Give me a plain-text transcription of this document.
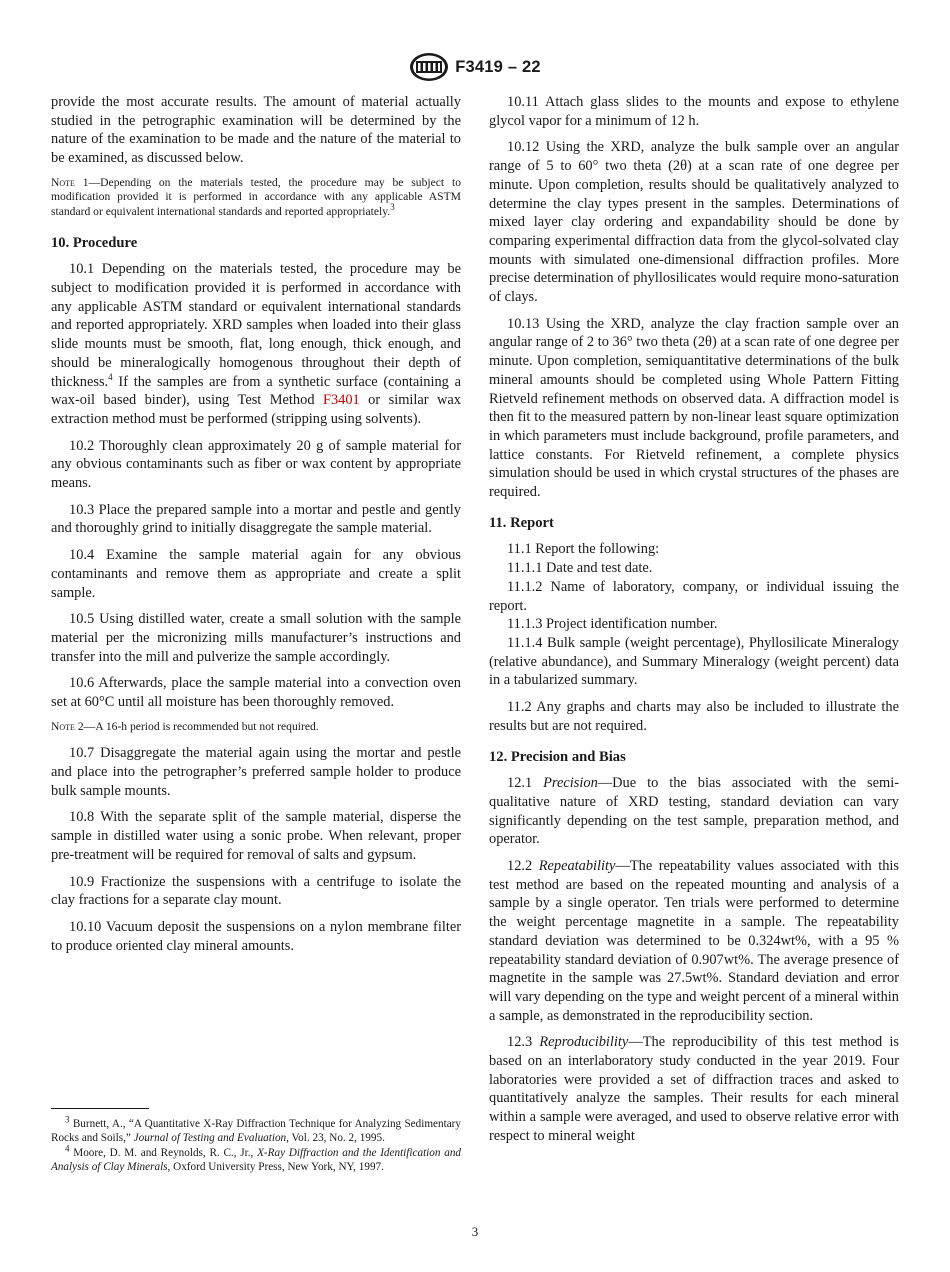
F3419 – 22

provide the most accurate results. The amount of material actually studied in the petrographic examination will be determined by the nature of the examination to be made and the nature of the material to be examined, as discussed below.

Note 1—Depending on the materials tested, the procedure may be subject to modification provided it is performed in accordance with any applicable ASTM standard or equivalent international standards and reported appropriately.$^3$

10. Procedure

10.1 Depending on the materials tested, the procedure may be subject to modification provided it is performed in accordance with any applicable ASTM standard or equivalent international standards and reported appropriately. XRD samples when loaded into their glass slide mounts must be smooth, flat, long enough, thick enough, and should be mineralogically homogenous throughout their depth of thickness.$^4$ If the samples are from a synthetic surface (containing a wax-oil based binder), using Test Method F3401 or similar wax extraction method must be performed (stripping using solvents).

10.2 Thoroughly clean approximately 20 g of sample material for any obvious contaminants such as fiber or wax content by appropriate means.

10.3 Place the prepared sample into a mortar and pestle and gently and thoroughly grind to initially disaggregate the sample material.

10.4 Examine the sample material again for any obvious contaminants and remove them as appropriate and create a split sample.

10.5 Using distilled water, create a small solution with the sample material per the micronizing mills manufacturer’s instructions and transfer into the mill and pulverize the sample accordingly.

10.6 Afterwards, place the sample material into a convection oven set at 60°C until all moisture has been thoroughly removed.

Note 2—A 16-h period is recommended but not required.

10.7 Disaggregate the material again using the mortar and pestle and place into the petrographer’s preferred sample holder to produce bulk sample mounts.

10.8 With the separate split of the sample material, disperse the sample in distilled water using a sonic probe. When relevant, proper pre-treatment will be required for removal of salts and gypsum.

10.9 Fractionize the suspensions with a centrifuge to isolate the clay fractions for a separate clay mount.

10.10 Vacuum deposit the suspensions on a nylon membrane filter to produce oriented clay mineral amounts.

$^3$ Burnett, A., “A Quantitative X-Ray Diffraction Technique for Analyzing Sedimentary Rocks and Soils,” Journal of Testing and Evaluation, Vol. 23, No. 2, 1995.

$^4$ Moore, D. M. and Reynolds, R. C., Jr., X-Ray Diffraction and the Identification and Analysis of Clay Minerals, Oxford University Press, New York, NY, 1997.

10.11 Attach glass slides to the mounts and expose to ethylene glycol vapor for a minimum of 12 h.

10.12 Using the XRD, analyze the bulk sample over an angular range of 5 to 60° two theta (2θ) at a scan rate of one degree per minute. Upon completion, results should be qualitatively analyzed to determine the clay types present in the samples. Determinations of mixed layer clay ordering and expandability should be done by comparing experimental diffraction data from the glycol-solvated clay mounts with simulated one-dimensional diffraction profiles. More precise determination of phyllosilicates would require mono-saturation of clays.

10.13 Using the XRD, analyze the clay fraction sample over an angular range of 2 to 36° two theta (2θ) at a scan rate of one degree per minute. Upon completion, semiquantitative determinations of the bulk mineral amounts should be completed using Whole Pattern Fitting Rietveld refinement methods on observed data. A diffraction model is then fit to the measured pattern by non-linear least square optimization in which parameters must include background, profile parameters, and lattice constants. For Rietveld refinement, a complete physics simulation should be used in which crystal structures of the phases are required.

11. Report

11.1 Report the following:

11.1.1 Date and test date.

11.1.2 Name of laboratory, company, or individual issuing the report.

11.1.3 Project identification number.

11.1.4 Bulk sample (weight percentage), Phyllosilicate Mineralogy (relative abundance), and Summary Mineralogy (weight percent) data in a tabularized summary.

11.2 Any graphs and charts may also be included to illustrate the results but are not required.

12. Precision and Bias

12.1 Precision—Due to the bias associated with the semi-qualitative nature of XRD testing, standard deviation can vary significantly depending on the test sample, preparation method, and operator.

12.2 Repeatability—The repeatability values associated with this test method are based on the repeated mounting and analysis of a sample by a single operator. Ten trials were performed to determine the weight percentage magnetite in a sample. The repeatability standard deviation was determined to be 0.324wt%, with a 95 % repeatability standard deviation of 0.907wt%. The average presence of magnetite in the sample was 27.5wt%. Standard deviation and error will vary depending on the type and weight percent of a mineral within a sample, as demonstrated in the reproducibility section.

12.3 Reproducibility—The reproducibility of this test method is based on an interlaboratory study conducted in the year 2019. Four laboratories were provided a set of diffraction traces and asked to quantitatively analyze the samples. Their results for each mineral within a sample were averaged, and used to observe relative error with respect to mineral weight

3
